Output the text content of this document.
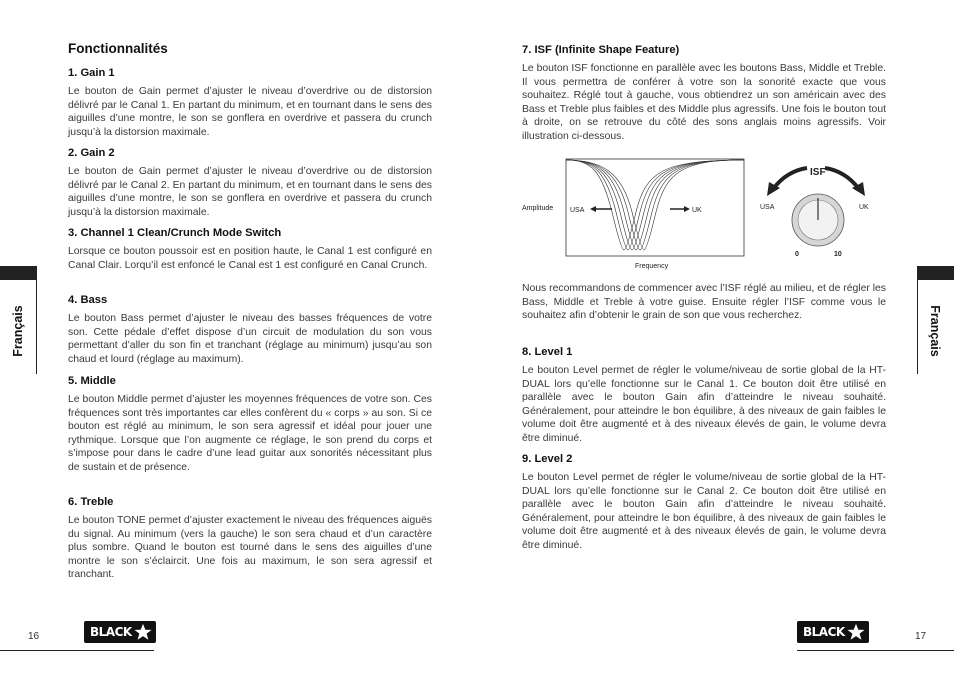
Fonctionnalités
1. Gain 1

Le bouton de Gain permet d’ajuster le niveau d’overdrive ou de distorsion délivré par le Canal 1. En partant du minimum, et en tournant dans le sens des aiguilles d’une montre, le son se gonflera en overdrive et passera du crunch jusqu’à la distorsion maximale.

2. Gain 2

Le bouton de Gain permet d’ajuster le niveau d’overdrive ou de distorsion délivré par le Canal 2. En partant du minimum, et en tournant dans le sens des aiguilles d’une montre, le son se gonflera en overdrive et passera du crunch jusqu’à la distorsion maximale.

3. Channel 1 Clean/Crunch Mode Switch

Lorsque ce bouton poussoir est en position haute, le Canal 1 est configuré en Canal Clair. Lorqu’il est enfoncé le Canal est 1 est configuré en Canal Crunch.

4. Bass

Le bouton Bass permet d’ajuster le niveau des basses fréquences de votre son. Cette pédale d’effet dispose d’un circuit de modulation du son vous permettant d’aller du son fin et tranchant (réglage au minimum) jusqu’au son chaud et lourd (réglage au maximum).

5. Middle

Le bouton Middle permet d’ajuster les moyennes fréquences de votre son. Ces fréquences sont très importantes car elles confèrent du « corps » au son. Si ce bouton est réglé au minimum, le son sera agressif et idéal pour jouer une rythmique. Lorsque que l’on augmente ce réglage, le son prend du corps et s’impose pour dans le cadre d’une lead guitar aux sonorités nécessitant plus de sustain et de présence.

6. Treble

Le bouton TONE permet d’ajuster exactement le niveau des fréquences aiguës du signal. Au minimum (vers la gauche) le son sera chaud et d’un caractère plus sombre. Quand le bouton est tourné dans le sens des aiguilles d’une montre le son s’éclaircit. Une fois au maximum, le son sera agressif et tranchant.

7. ISF (Infinite Shape Feature)

Le bouton ISF fonctionne en parallèle avec les boutons Bass, Middle et Treble. Il vous permettra de conférer à votre son la sonorité exacte que vous souhaitez. Réglé tout à gauche, vous obtiendrez un son américain avec des Bass et Treble plus faibles et des Middle plus agressifs. Une fois le bouton tout à droite, on se retrouve du côté des sons anglais moins agressifs. Voir illustration ci-dessous.

Amplitude USA	UK
Frequency
ISF
USA	UK
0	10

Nous recommandons de commencer avec l’ISF réglé au milieu, et de régler les Bass, Middle et Treble à votre guise. Ensuite régler l’ISF comme vous le souhaitez afin d’obtenir le grain de son que vous recherchez.

8. Level 1

Le bouton Level permet de régler le volume/niveau de sortie global de la HT-DUAL lors qu’elle fonctionne sur le Canal 1. Ce bouton doit être utilisé en parallèle avec le bouton Gain afin d’atteindre le niveau souhaité. Généralement, pour atteindre le bon équilibre, à des niveaux de gain faibles le volume doit être augmenté et à des niveaux élevés de gain, le volume devra être diminué.

9. Level 2

Le bouton Level permet de régler le volume/niveau de sortie global de la HT-DUAL lors qu’elle fonctionne sur le Canal 2. Ce bouton doit être utilisé en parallèle avec le bouton Gain afin d’atteindre le niveau souhaité. Généralement, pour atteindre le bon équilibre, à des niveaux de gain faibles le volume doit être augmenté et à des niveaux élevés de gain, le volume devra être diminué.

Français	Français
16	BLACK	BLACK	17
